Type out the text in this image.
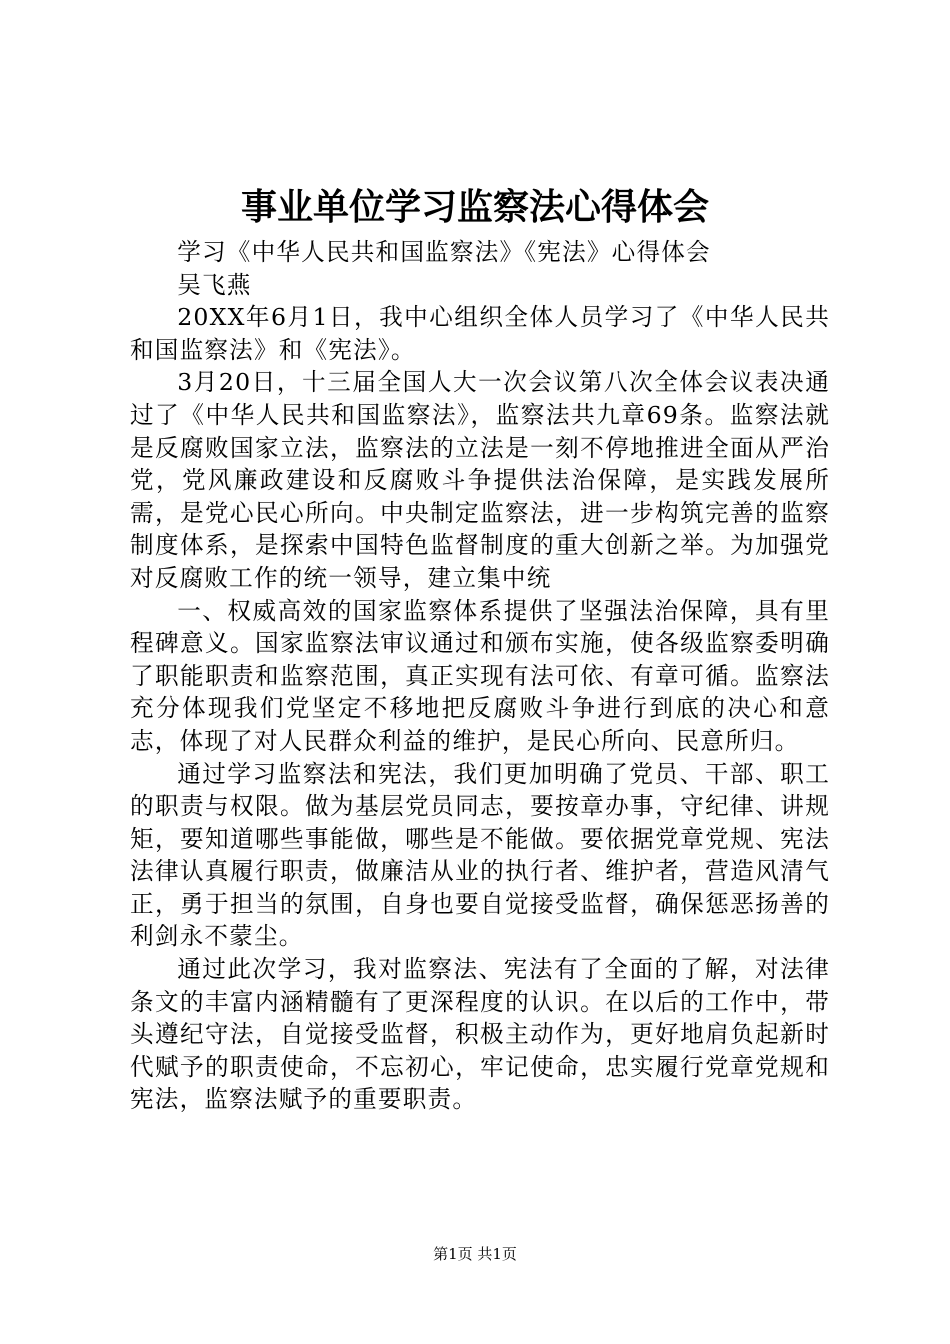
事业单位学习监察法心得体会

学习《中华人民共和国监察法》《宪法》心得体会

吴飞燕

20XX年6月1日，我中心组织全体人员学习了《中华人民共和国监察法》和《宪法》。

3月20日，十三届全国人大一次会议第八次全体会议表决通过了《中华人民共和国监察法》，监察法共九章69条。监察法就是反腐败国家立法，监察法的立法是一刻不停地推进全面从严治党，党风廉政建设和反腐败斗争提供法治保障，是实践发展所需，是党心民心所向。中央制定监察法，进一步构筑完善的监察制度体系，是探索中国特色监督制度的重大创新之举。为加强党对反腐败工作的统一领导，建立集中统

一、权威高效的国家监察体系提供了坚强法治保障，具有里程碑意义。国家监察法审议通过和颁布实施，使各级监察委明确了职能职责和监察范围，真正实现有法可依、有章可循。监察法充分体现我们党坚定不移地把反腐败斗争进行到底的决心和意志，体现了对人民群众利益的维护，是民心所向、民意所归。

通过学习监察法和宪法，我们更加明确了党员、干部、职工的职责与权限。做为基层党员同志，要按章办事，守纪律、讲规矩，要知道哪些事能做，哪些是不能做。要依据党章党规、宪法法律认真履行职责，做廉洁从业的执行者、维护者，营造风清气正，勇于担当的氛围，自身也要自觉接受监督，确保惩恶扬善的利剑永不蒙尘。

通过此次学习，我对监察法、宪法有了全面的了解，对法律条文的丰富内涵精髓有了更深程度的认识。在以后的工作中，带头遵纪守法，自觉接受监督，积极主动作为，更好地肩负起新时代赋予的职责使命，不忘初心，牢记使命，忠实履行党章党规和宪法，监察法赋予的重要职责。

第1页 共1页
